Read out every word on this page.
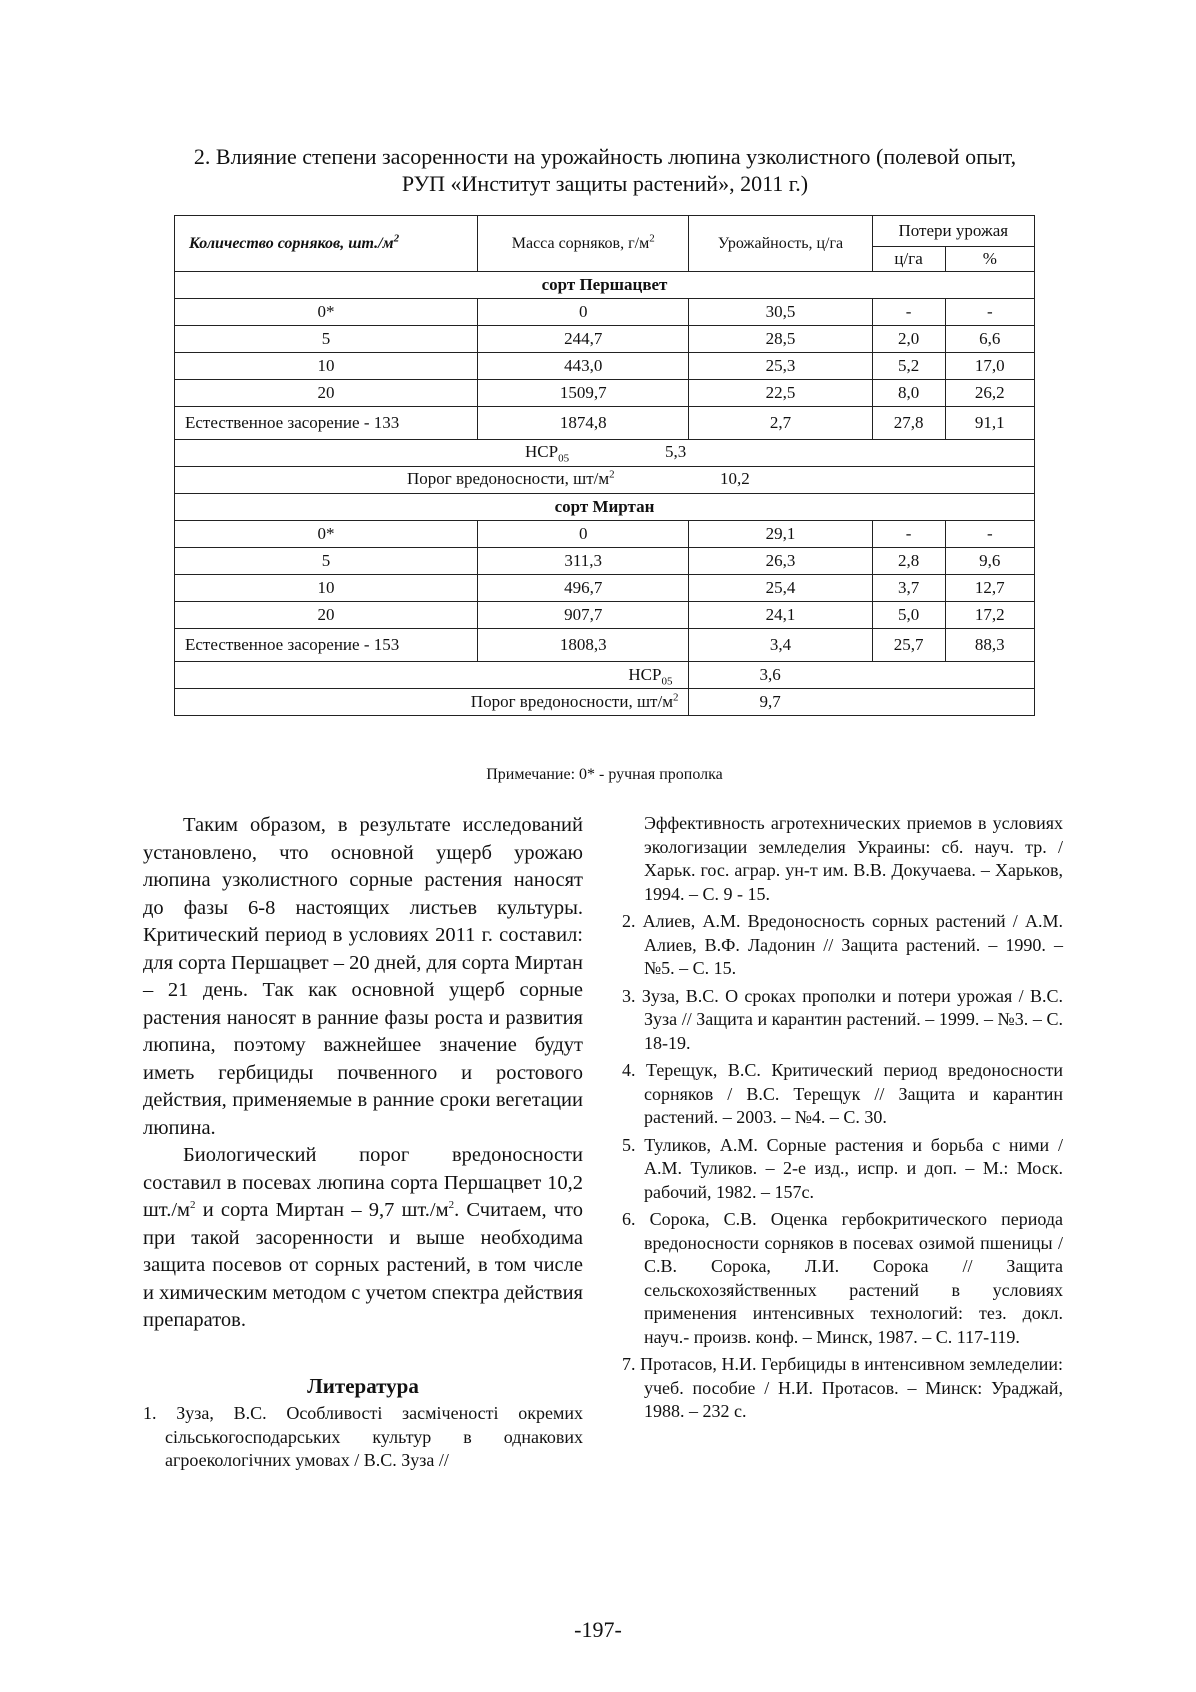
2. Влияние степени засоренности на урожайность люпина узколистного (полевой опыт, РУП «Институт защиты растений», 2011 г.)
Количество сорняков, $шт./м^2$	Масса сорняков, $г/м^2$	Урожайность, ц/га	Потери урожая	
			ц/га	%
сорт Першацвет				
0*	0	30,5	-	-
5	244,7	28,5	2,0	6,6
10	443,0	25,3	5,2	17,0
20	1509,7	22,5	8,0	26,2
Естественное засорение - 133	1874,8	2,7	27,8	91,1

$НСР_{05}$ 5,3				

Порог вредоносности, $шт/м^2$ 10,2				

сорт Миртан				
0*	0	29,1	-	-
5	311,3	26,3	2,8	9,6
10	496,7	25,4	3,7	12,7
20	907,7	24,1	5,0	17,2
Естественное засорение - 153	1808,3	3,4	25,7	88,3
$НСР_{05}$		3,6		
Порог вредоносности, $шт/м^2$		9,7		
Примечание: 0* - ручная прополка

Таким образом, в результате исследований установлено, что основной ущерб урожаю люпина узколистного сорные растения наносят до фазы 6-8 настоящих листьев культуры. Критический период в условиях 2011 г. составил: для сорта Першацвет – 20 дней, для сорта Миртан – 21 день. Так как основной ущерб сорные растения наносят в ранние фазы роста и развития люпина, поэтому важнейшее значение будут иметь гербициды почвенного и ростового действия, применяемые в ранние сроки вегетации люпина.

Биологический порог вредоносности составил в посевах люпина сорта Першацвет 10,2 $шт./м^2$ и сорта Миртан – 9,7 $шт./м^2$. Считаем, что при такой засоренности и выше необходима защита посевов от сорных растений, в том числе и химическим методом с учетом спектра действия препаратов.

Литература

1. Зуза, В.С. Особливості засміченості окремих сільськогосподарських культур в однакових агроекологічних умовах / В.С. Зуза //

Эффективность агротехнических приемов в условиях экологизации земледелия Украины: сб. науч. тр. / Харьк. гос. аграр. ун-т им. В.В. Докучаева. – Харьков, 1994. – С. 9 - 15.

2. Алиев, А.М. Вредоносность сорных растений / А.М. Алиев, В.Ф. Ладонин // Защита растений. – 1990. – №5. – С. 15.

3. Зуза, В.С. О сроках прополки и потери урожая / В.С. Зуза // Защита и карантин растений. – 1999. – №3. – С. 18-19.

4. Терещук, В.С. Критический период вредоносности сорняков / В.С. Терещук // Защита и карантин растений. – 2003. – №4. – С. 30.

5. Туликов, А.М. Сорные растения и борьба с ними / А.М. Туликов. – 2-е изд., испр. и доп. – М.: Моск. рабочий, 1982. – 157с.

6. Сорока, С.В. Оценка гербокритического периода вредоносности сорняков в посевах озимой пшеницы / С.В. Сорока, Л.И. Сорока // Защита сельскохозяйственных растений в условиях применения интенсивных технологий: тез. докл. науч.- произв. конф. – Минск, 1987. – С. 117-119.

7. Протасов, Н.И. Гербициды в интенсивном земледелии: учеб. пособие / Н.И. Протасов. – Минск: Ураджай, 1988. – 232 с.

-197-
